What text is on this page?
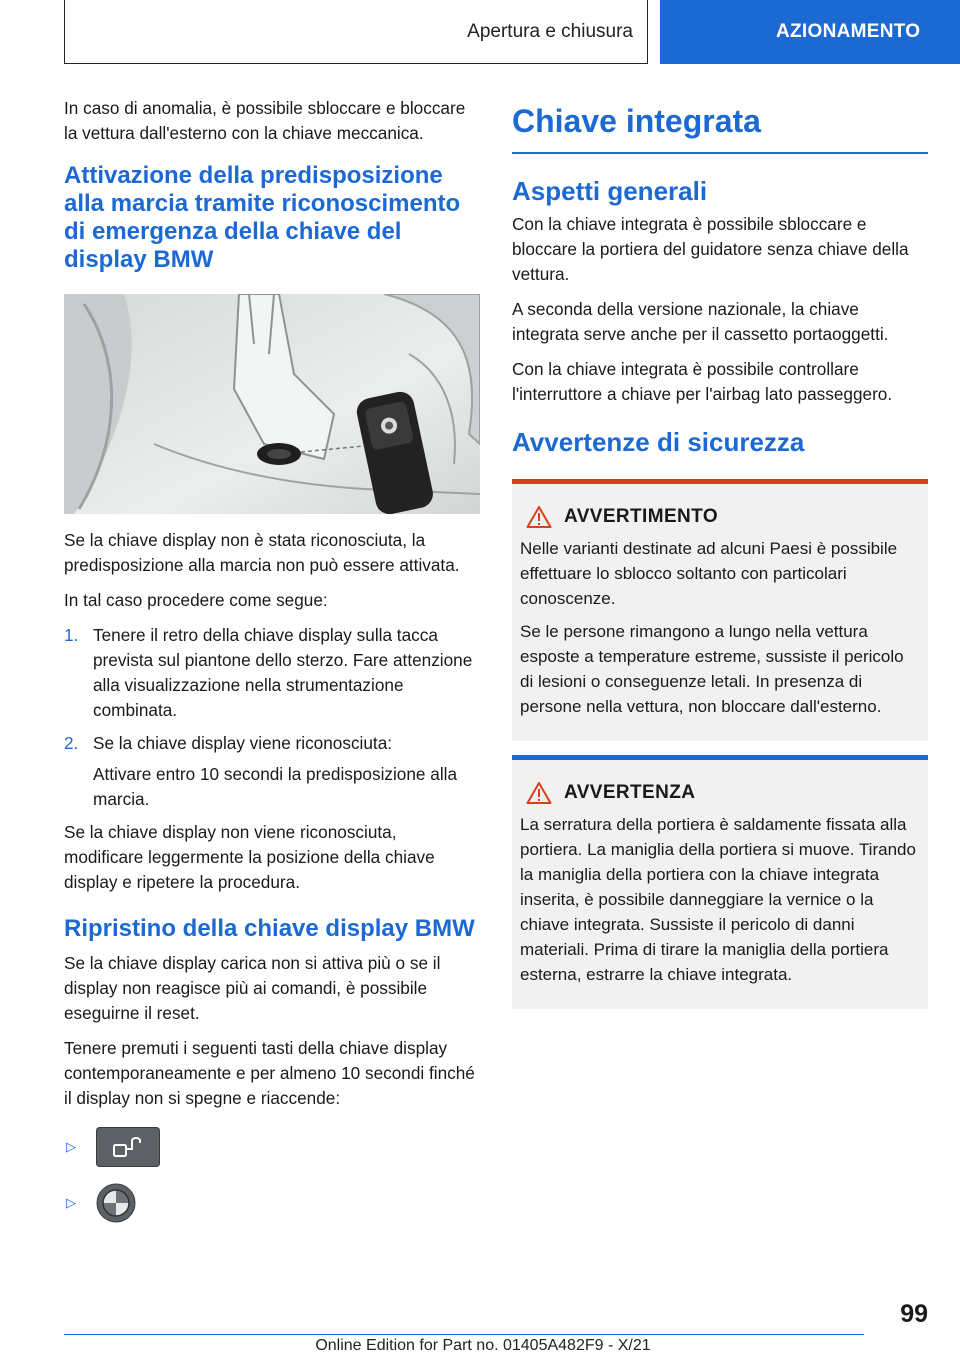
Apertura e chiusura	AZIONAMENTO

In caso di anomalia, è possibile sbloccare e bloccare la vettura dall'esterno con la chiave meccanica.

Attivazione della predisposizione alla marcia tramite riconoscimento di emergenza della chiave del display BMW

Se la chiave display non è stata riconosciuta, la predisposizione alla marcia non può essere attivata.

In tal caso procedere come segue:

1. Tenere il retro della chiave display sulla tacca prevista sul piantone dello sterzo. Fare attenzione alla visualizzazione nella strumentazione combinata.
2. Se la chiave display viene riconosciuta:

Attivare entro 10 secondi la predisposizione alla marcia.

Se la chiave display non viene riconosciuta, modificare leggermente la posizione della chiave display e ripetere la procedura.

Ripristino della chiave display BMW

Se la chiave display carica non si attiva più o se il display non reagisce più ai comandi, è possibile eseguirne il reset.

Tenere premuti i seguenti tasti della chiave display contemporaneamente e per almeno 10 secondi finché il display non si spegne e riaccende:

▷
▷
Chiave integrata
Aspetti generali

Con la chiave integrata è possibile sbloccare e bloccare la portiera del guidatore senza chiave della vettura.

A seconda della versione nazionale, la chiave integrata serve anche per il cassetto portaoggetti.

Con la chiave integrata è possibile controllare l'interruttore a chiave per l'airbag lato passeggero.

Avvertenze di sicurezza
AVVERTIMENTO

Nelle varianti destinate ad alcuni Paesi è possibile effettuare lo sblocco soltanto con particolari conoscenze.

Se le persone rimangono a lungo nella vettura esposte a temperature estreme, sussiste il pericolo di lesioni o conseguenze letali. In presenza di persone nella vettura, non bloccare dall'esterno.

AVVERTENZA

La serratura della portiera è saldamente fissata alla portiera. La maniglia della portiera si muove. Tirando la maniglia della portiera con la chiave integrata inserita, è possibile danneggiare la vernice o la chiave integrata. Sussiste il pericolo di danni materiali. Prima di tirare la maniglia della portiera esterna, estrarre la chiave integrata.

99
Online Edition for Part no. 01405A482F9 - X/21
